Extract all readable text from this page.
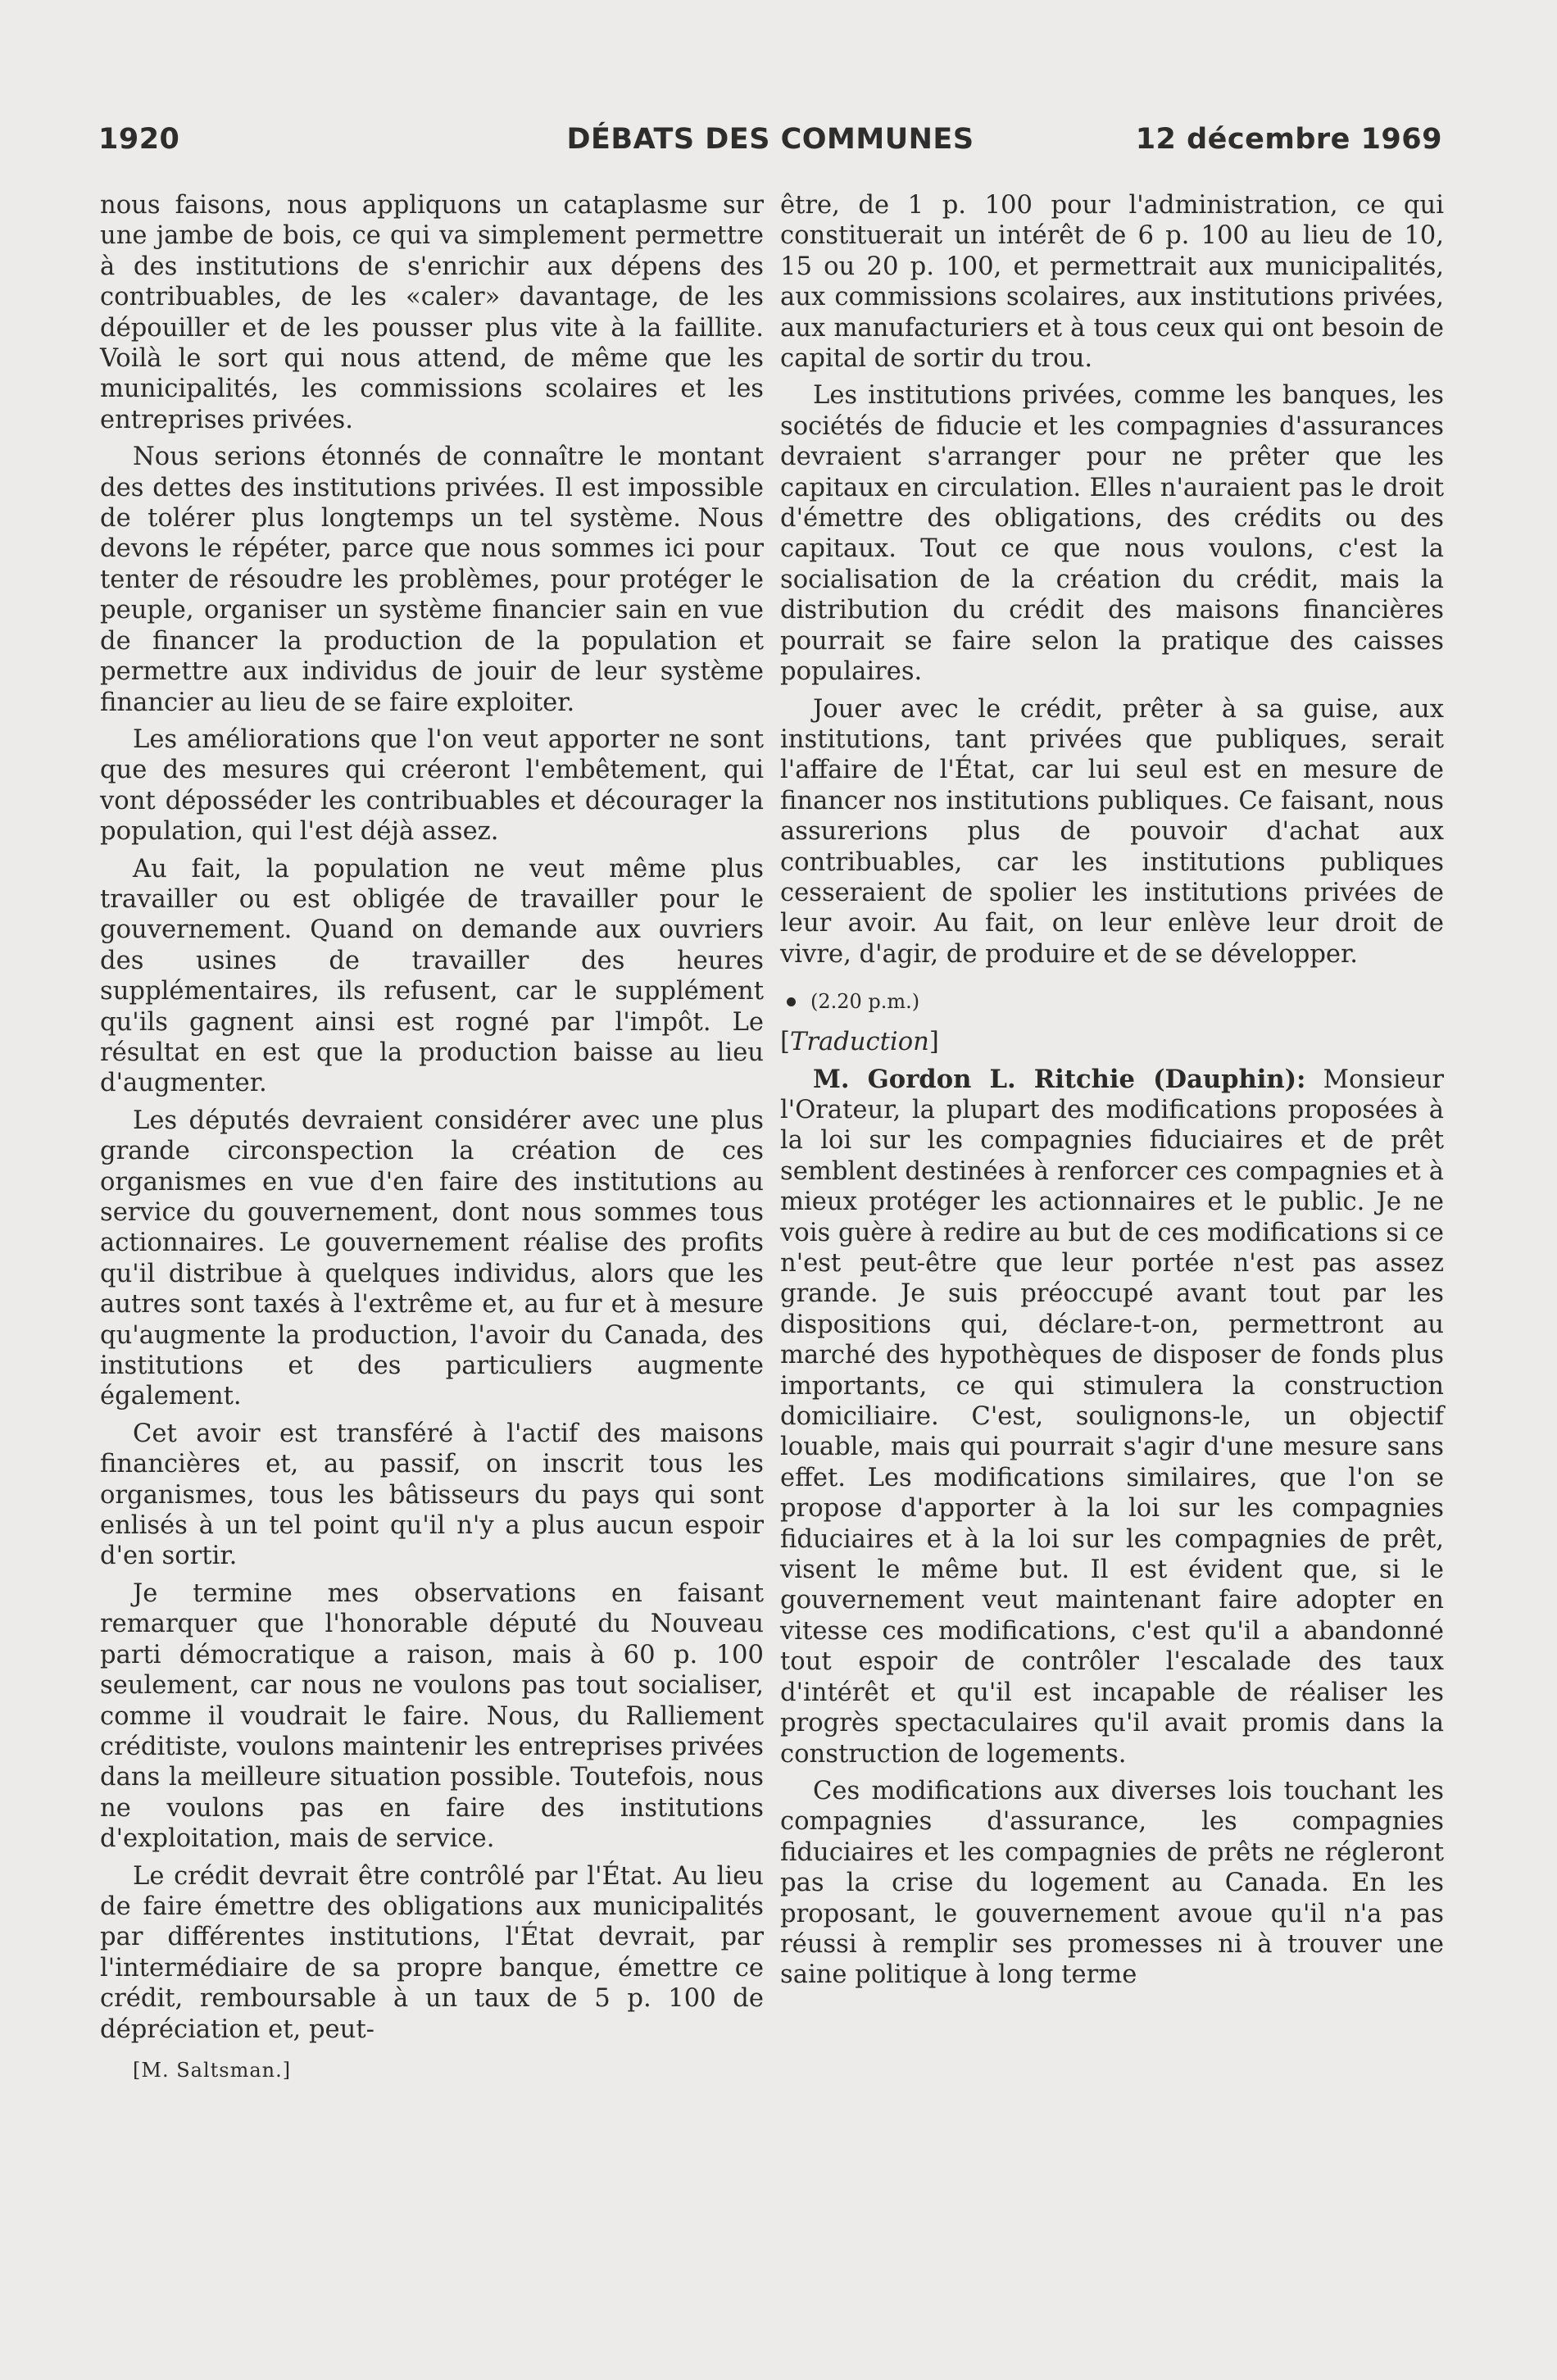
1920	DÉBATS DES COMMUNES	12 décembre 1969

nous faisons, nous appliquons un cataplasme sur une jambe de bois, ce qui va simplement permettre à des institutions de s'enrichir aux dépens des contribuables, de les «caler» davantage, de les dépouiller et de les pousser plus vite à la faillite. Voilà le sort qui nous attend, de même que les municipalités, les commissions scolaires et les entreprises privées.

Nous serions étonnés de connaître le montant des dettes des institutions privées. Il est impossible de tolérer plus longtemps un tel système. Nous devons le répéter, parce que nous sommes ici pour tenter de résoudre les problèmes, pour protéger le peuple, organiser un système financier sain en vue de financer la production de la population et permettre aux individus de jouir de leur système financier au lieu de se faire exploiter.

Les améliorations que l'on veut apporter ne sont que des mesures qui créeront l'embêtement, qui vont déposséder les contribuables et décourager la population, qui l'est déjà assez.

Au fait, la population ne veut même plus travailler ou est obligée de travailler pour le gouvernement. Quand on demande aux ouvriers des usines de travailler des heures supplémentaires, ils refusent, car le supplément qu'ils gagnent ainsi est rogné par l'impôt. Le résultat en est que la production baisse au lieu d'augmenter.

Les députés devraient considérer avec une plus grande circonspection la création de ces organismes en vue d'en faire des institutions au service du gouvernement, dont nous sommes tous actionnaires. Le gouvernement réalise des profits qu'il distribue à quelques individus, alors que les autres sont taxés à l'extrême et, au fur et à mesure qu'augmente la production, l'avoir du Canada, des institutions et des particuliers augmente également.

Cet avoir est transféré à l'actif des maisons financières et, au passif, on inscrit tous les organismes, tous les bâtisseurs du pays qui sont enlisés à un tel point qu'il n'y a plus aucun espoir d'en sortir.

Je termine mes observations en faisant remarquer que l'honorable député du Nouveau parti démocratique a raison, mais à 60 p. 100 seulement, car nous ne voulons pas tout socialiser, comme il voudrait le faire. Nous, du Ralliement créditiste, voulons maintenir les entreprises privées dans la meilleure situation possible. Toutefois, nous ne voulons pas en faire des institutions d'exploitation, mais de service.

Le crédit devrait être contrôlé par l'État. Au lieu de faire émettre des obligations aux municipalités par différentes institutions, l'État devrait, par l'intermédiaire de sa propre banque, émettre ce crédit, remboursable à un taux de 5 p. 100 de dépréciation et, peut-

[M. Saltsman.]

être, de 1 p. 100 pour l'administration, ce qui constituerait un intérêt de 6 p. 100 au lieu de 10, 15 ou 20 p. 100, et permettrait aux municipalités, aux commissions scolaires, aux institutions privées, aux manufacturiers et à tous ceux qui ont besoin de capital de sortir du trou.

Les institutions privées, comme les banques, les sociétés de fiducie et les compagnies d'assurances devraient s'arranger pour ne prêter que les capitaux en circulation. Elles n'auraient pas le droit d'émettre des obligations, des crédits ou des capitaux. Tout ce que nous voulons, c'est la socialisation de la création du crédit, mais la distribution du crédit des maisons financières pourrait se faire selon la pratique des caisses populaires.

Jouer avec le crédit, prêter à sa guise, aux institutions, tant privées que publiques, serait l'affaire de l'État, car lui seul est en mesure de financer nos institutions publiques. Ce faisant, nous assurerions plus de pouvoir d'achat aux contribuables, car les institutions publiques cesseraient de spolier les institutions privées de leur avoir. Au fait, on leur enlève leur droit de vivre, d'agir, de produire et de se développer.

(2.20 p.m.)
[Traduction]

M. Gordon L. Ritchie (Dauphin): Monsieur l'Orateur, la plupart des modifications proposées à la loi sur les compagnies fiduciaires et de prêt semblent destinées à renforcer ces compagnies et à mieux protéger les actionnaires et le public. Je ne vois guère à redire au but de ces modifications si ce n'est peut-être que leur portée n'est pas assez grande. Je suis préoccupé avant tout par les dispositions qui, déclare-t-on, permettront au marché des hypothèques de disposer de fonds plus importants, ce qui stimulera la construction domiciliaire. C'est, soulignons-le, un objectif louable, mais qui pourrait s'agir d'une mesure sans effet. Les modifications similaires, que l'on se propose d'apporter à la loi sur les compagnies fiduciaires et à la loi sur les compagnies de prêt, visent le même but. Il est évident que, si le gouvernement veut maintenant faire adopter en vitesse ces modifications, c'est qu'il a abandonné tout espoir de contrôler l'escalade des taux d'intérêt et qu'il est incapable de réaliser les progrès spectaculaires qu'il avait promis dans la construction de logements.

Ces modifications aux diverses lois touchant les compagnies d'assurance, les compagnies fiduciaires et les compagnies de prêts ne régleront pas la crise du logement au Canada. En les proposant, le gouvernement avoue qu'il n'a pas réussi à remplir ses promesses ni à trouver une saine politique à long terme
